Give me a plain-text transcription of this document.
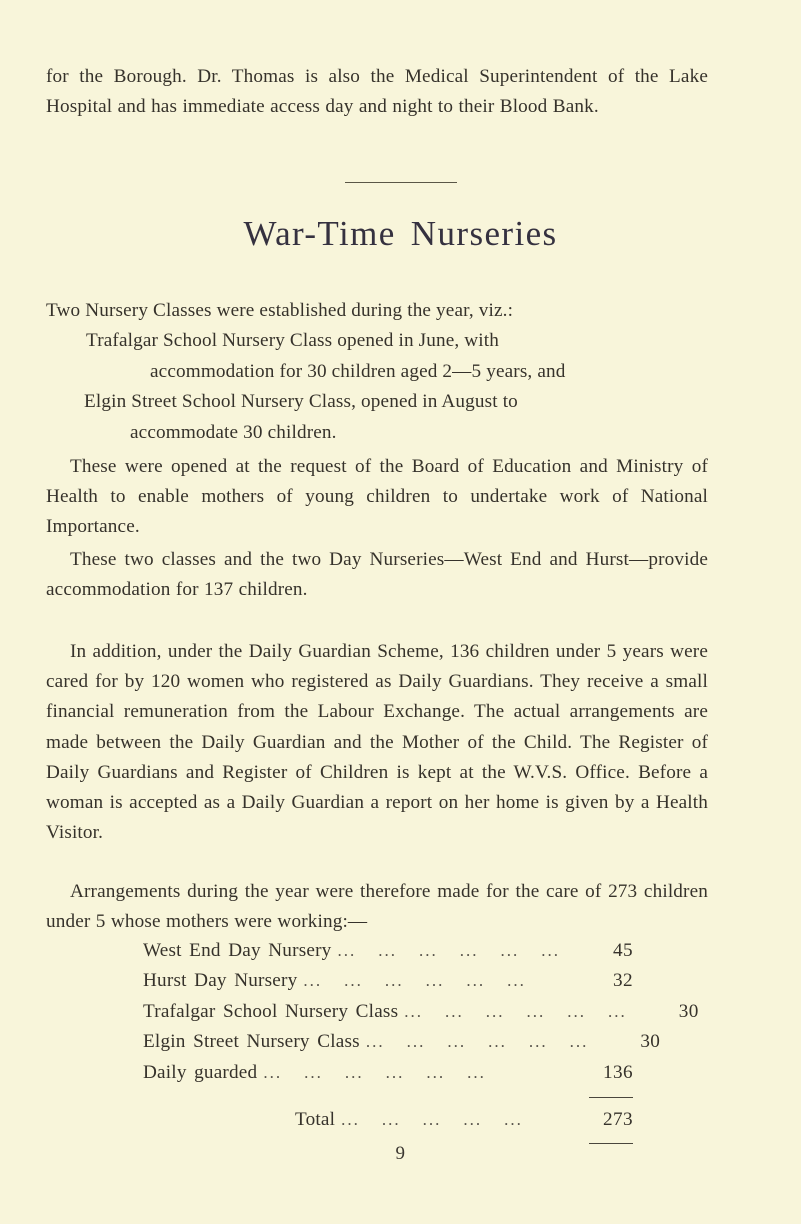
for the Borough. Dr. Thomas is also the Medical Superintendent of the Lake Hospital and has immediate access day and night to their Blood Bank.

War-Time Nurseries
Two Nursery Classes were established during the year, viz.:
Trafalgar School Nursery Class opened in June, with
accommodation for 30 children aged 2—5 years, and
Elgin Street School Nursery Class, opened in August to
accommodate 30 children.

These were opened at the request of the Board of Education and Ministry of Health to enable mothers of young children to undertake work of National Importance.

These two classes and the two Day Nurseries—West End and Hurst—provide accommodation for 137 children.

In addition, under the Daily Guardian Scheme, 136 children under 5 years were cared for by 120 women who registered as Daily Guardians. They receive a small financial remuneration from the Labour Exchange. The actual arrangements are made between the Daily Guardian and the Mother of the Child. The Register of Daily Guardians and Register of Children is kept at the W.V.S. Office. Before a woman is accepted as a Daily Guardian a report on her home is given by a Health Visitor.

Arrangements during the year were therefore made for the care of 273 children under 5 whose mothers were working:—

West End Day Nursery ... ... ... ... ... ...	45
Hurst Day Nursery ... ... ... ... ... ...	32
Trafalgar School Nursery Class ... ... ... ... ... ...	30
Elgin Street Nursery Class ... ... ... ... ... ...	30
Daily guarded ... ... ... ... ... ...	136
Total ... ... ... ... ...	273
9
